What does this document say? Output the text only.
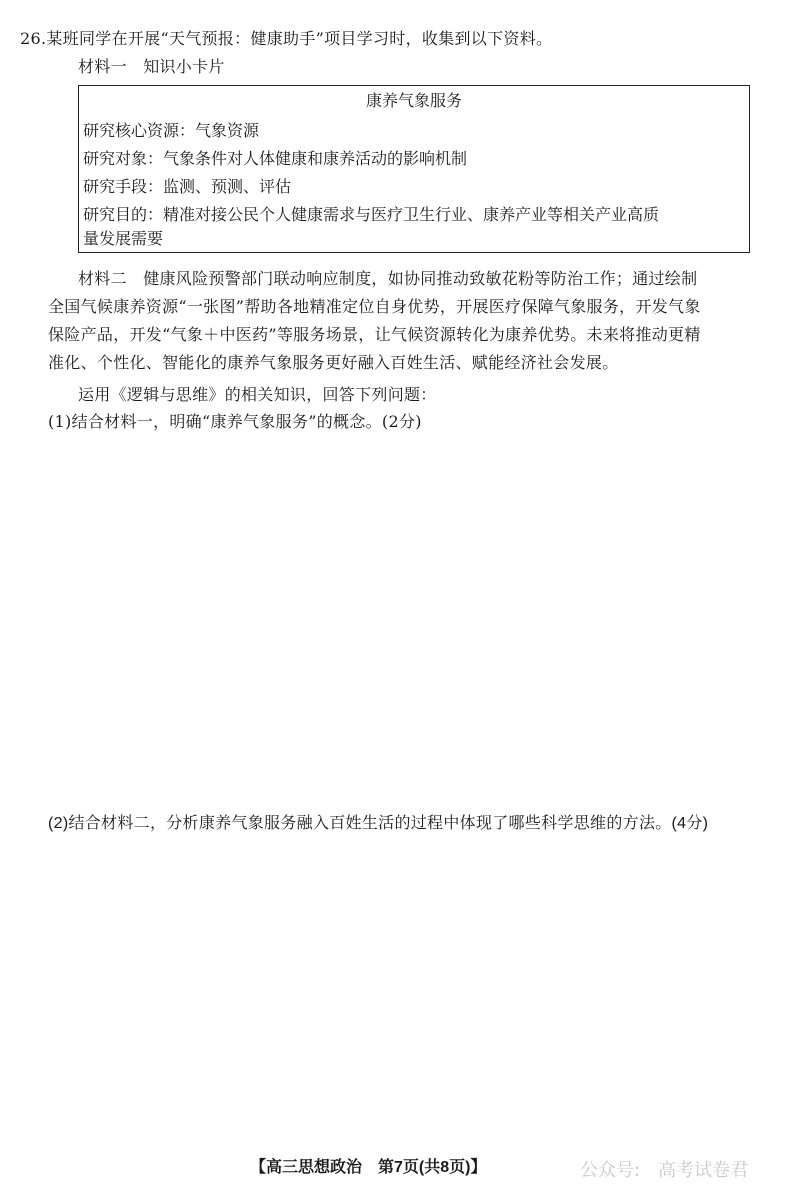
26.某班同学在开展“天气预报：健康助手”项目学习时，收集到以下资料。
材料一　知识小卡片
康养气象服务
研究核心资源：气象资源
研究对象：气象条件对人体健康和康养活动的影响机制
研究手段：监测、预测、评估
研究目的：精准对接公民个人健康需求与医疗卫生行业、康养产业等相关产业高质
量发展需要
材料二　健康风险预警部门联动响应制度，如协同推动致敏花粉等防治工作；通过绘制
全国气候康养资源“一张图”帮助各地精准定位自身优势，开展医疗保障气象服务，开发气象
保险产品，开发“气象＋中医药”等服务场景，让气候资源转化为康养优势。未来将推动更精
准化、个性化、智能化的康养气象服务更好融入百姓生活、赋能经济社会发展。
运用《逻辑与思维》的相关知识，回答下列问题：
(1)结合材料一，明确“康养气象服务”的概念。(2分)
(2)结合材料二，分析康养气象服务融入百姓生活的过程中体现了哪些科学思维的方法。(4分)
【高三思想政治　第7页(共8页)】	公众号: 高考试卷君
